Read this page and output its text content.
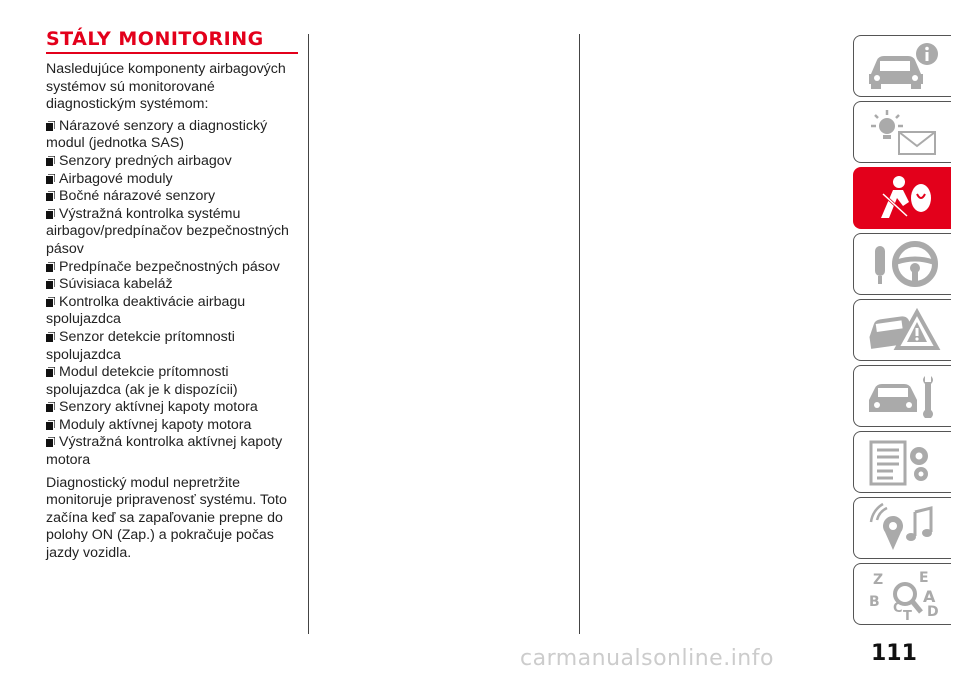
STÁLY MONITORING

Nasledujúce komponenty airbagových systémov sú monitorované diagnostickým systémom:

Nárazové senzory a diagnostický modul (jednotka SAS)
Senzory predných airbagov
Airbagové moduly
Bočné nárazové senzory
Výstražná kontrolka systému airbagov/predpínačov bezpečnostných pásov
Predpínače bezpečnostných pásov
Súvisiaca kabeláž
Kontrolka deaktivácie airbagu spolujazdca
Senzor detekcie prítomnosti spolujazdca
Modul detekcie prítomnosti spolujazdca (ak je k dispozícii)
Senzory aktívnej kapoty motora
Moduly aktívnej kapoty motora
Výstražná kontrolka aktívnej kapoty motora

Diagnostický modul nepretržite monitoruje pripravenosť systému. Toto začína keď sa zapaľovanie prepne do polohy ON (Zap.) a pokračuje počas jazdy vozidla.

Z	E
B	A
C D
T
111
carmanualsonline.info
